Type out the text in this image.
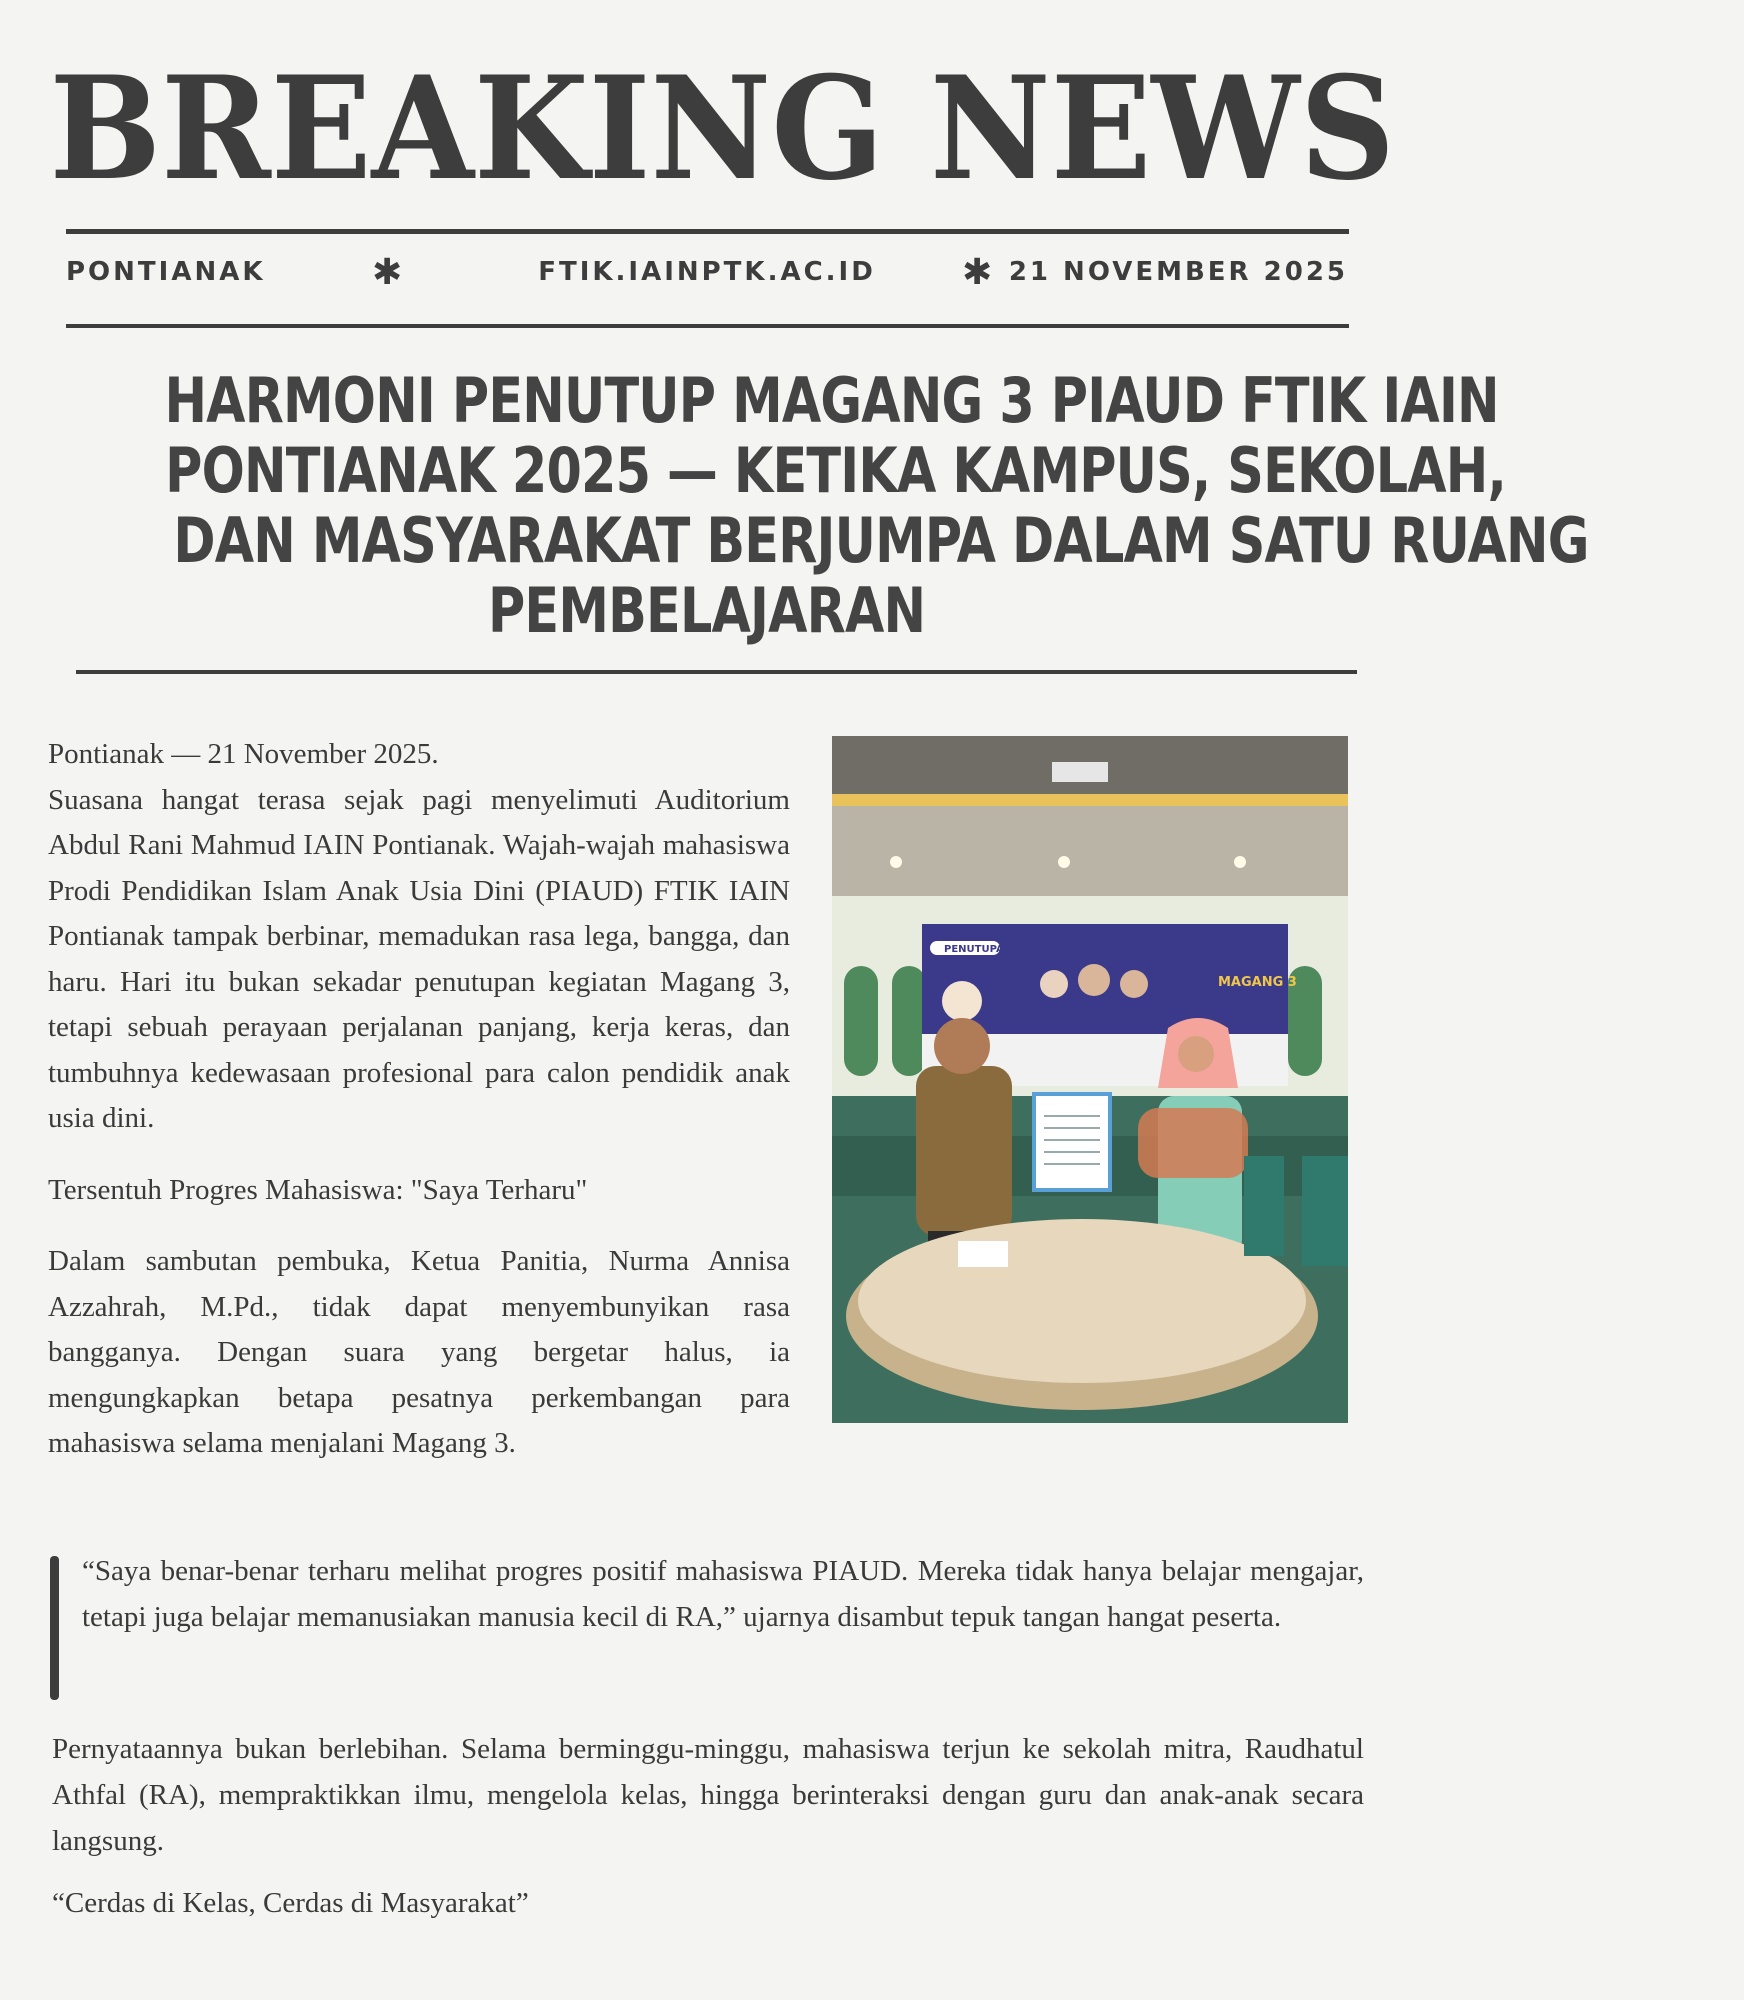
BREAKING NEWS
PONTIANAK	✱	FTIK.IAINPTK.AC.ID	✱ 21 NOVEMBER 2025
HARMONI PENUTUP MAGANG 3 PIAUD FTIK IAIN
PONTIANAK 2025 — KETIKA KAMPUS, SEKOLAH,
DAN MASYARAKAT BERJUMPA DALAM SATU RUANG
PEMBELAJARAN

Pontianak — 21 November 2025.

Suasana hangat terasa sejak pagi menyelimuti Auditorium Abdul Rani Mahmud IAIN Pontianak. Wajah-wajah mahasiswa Prodi Pendidikan Islam Anak Usia Dini (PIAUD) FTIK IAIN Pontianak tampak berbinar, memadukan rasa lega, bangga, dan haru. Hari itu bukan sekadar penutupan kegiatan Magang 3, tetapi sebuah perayaan perjalanan panjang, kerja keras, dan tumbuhnya kedewasaan profesional para calon pendidik anak usia dini.

Tersentuh Progres Mahasiswa: "Saya Terharu"

Dalam sambutan pembuka, Ketua Panitia, Nurma Annisa Azzahrah, M.Pd., tidak dapat menyembunyikan rasa bangganya. Dengan suara yang bergetar halus, ia mengungkapkan betapa pesatnya perkembangan para mahasiswa selama menjalani Magang 3.

PENUTUPAN
MAGANG 3

“Saya benar-benar terharu melihat progres positif mahasiswa PIAUD. Mereka tidak hanya belajar mengajar, tetapi juga belajar memanusiakan manusia kecil di RA,” ujarnya disambut tepuk tangan hangat peserta.

Pernyataannya bukan berlebihan. Selama berminggu-minggu, mahasiswa terjun ke sekolah mitra, Raudhatul Athfal (RA), mempraktikkan ilmu, mengelola kelas, hingga berinteraksi dengan guru dan anak-anak secara langsung.

“Cerdas di Kelas, Cerdas di Masyarakat”
